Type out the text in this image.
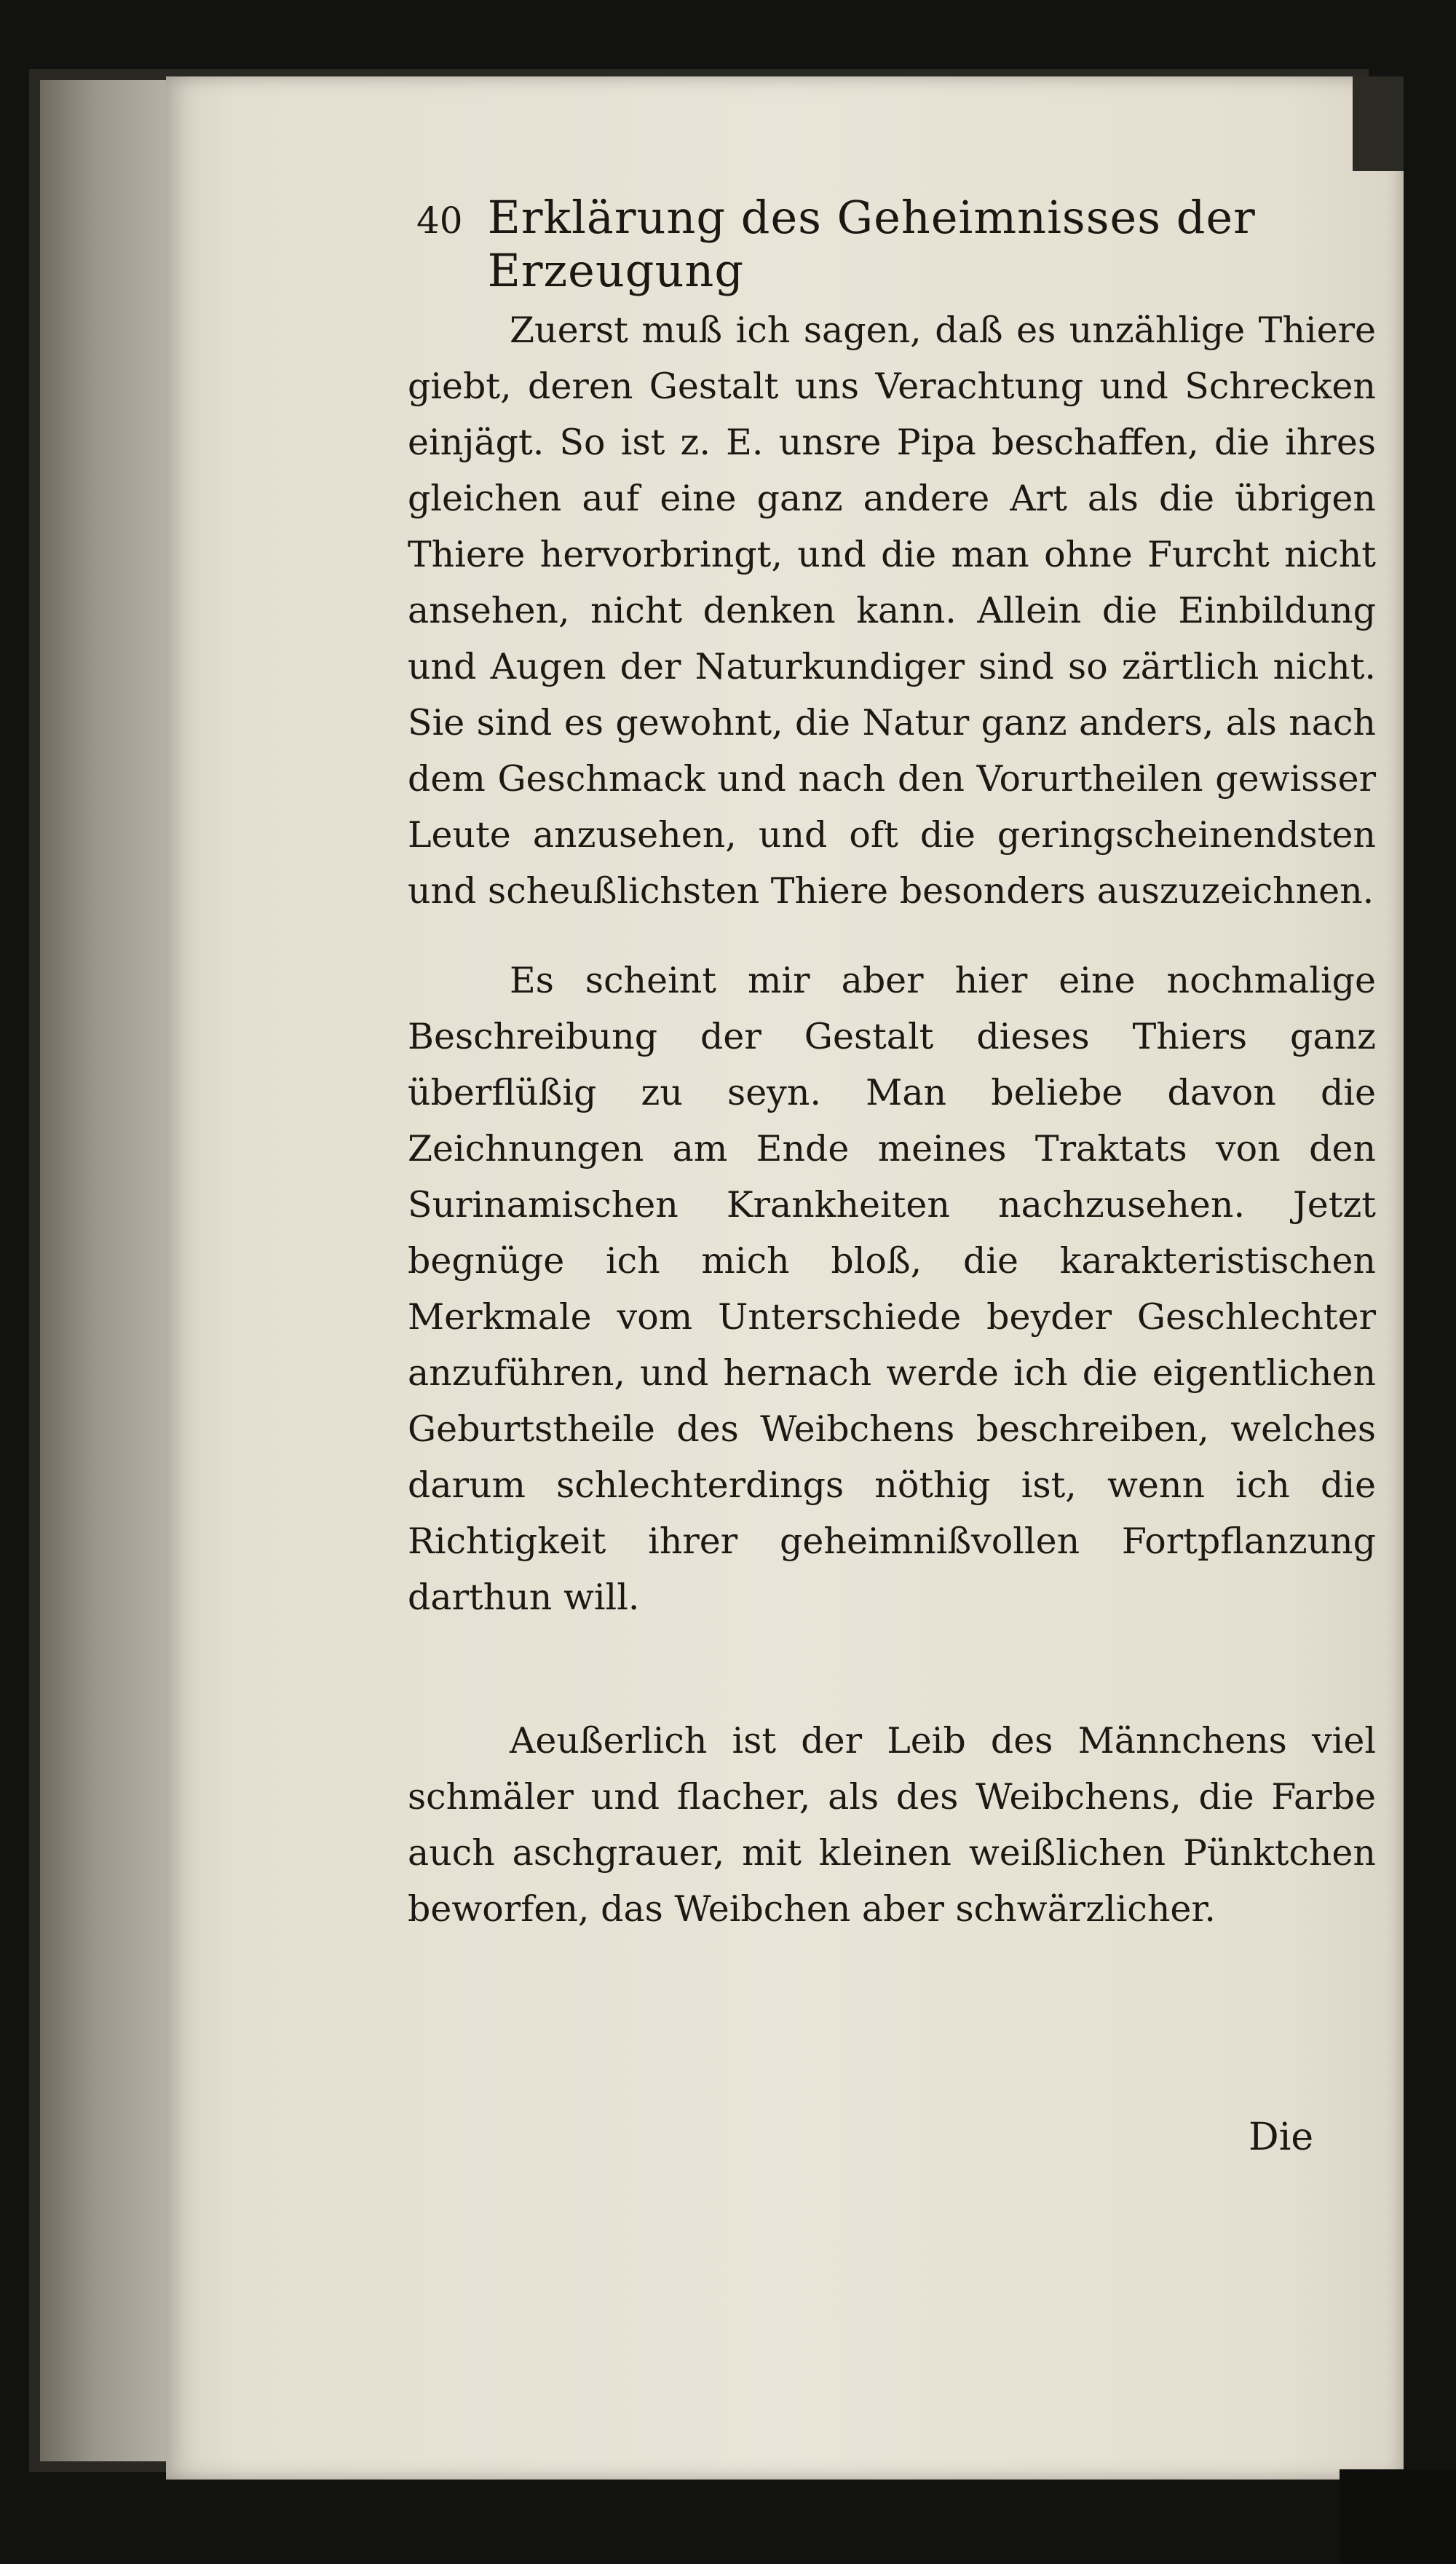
40 Erklärung des Geheimnisses der Erzeugung

Zuerst muß ich sagen, daß es unzählige Thiere giebt, deren Gestalt uns Verachtung und Schrecken einjägt. So ist z. E. unsre Pipa beschaffen, die ihres gleichen auf eine ganz andere Art als die übrigen Thiere hervorbringt, und die man ohne Furcht nicht ansehen, nicht denken kann. Allein die Einbildung und Augen der Naturkundiger sind so zärtlich nicht. Sie sind es gewohnt, die Natur ganz anders, als nach dem Geschmack und nach den Vorurtheilen gewisser Leute anzusehen, und oft die geringscheinendsten und scheußlichsten Thiere besonders auszuzeichnen.

Es scheint mir aber hier eine nochmalige Beschreibung der Gestalt dieses Thiers ganz überflüßig zu seyn. Man beliebe davon die Zeichnungen am Ende meines Traktats von den Surinamischen Krankheiten nachzusehen. Jetzt begnüge ich mich bloß, die karakteristischen Merkmale vom Unterschiede beyder Geschlechter anzuführen, und hernach werde ich die eigentlichen Geburtstheile des Weibchens beschreiben, welches darum schlechterdings nöthig ist, wenn ich die Richtigkeit ihrer geheimnißvollen Fortpflanzung darthun will.

Aeußerlich ist der Leib des Männchens viel schmäler und flacher, als des Weibchens, die Farbe auch aschgrauer, mit kleinen weißlichen Pünktchen beworfen, das Weibchen aber schwärzlicher.

Die
